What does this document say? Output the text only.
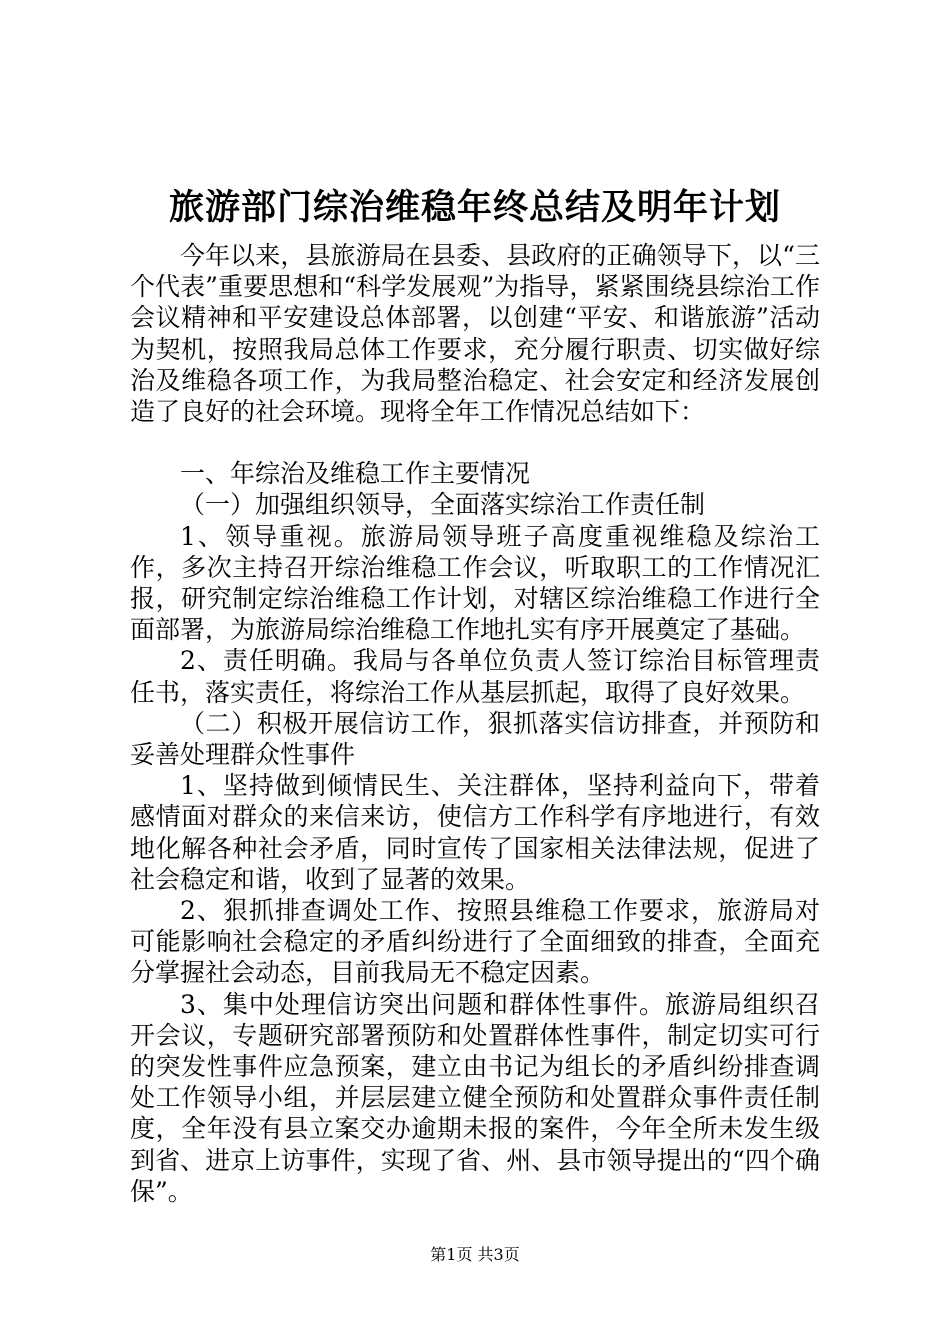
旅游部门综治维稳年终总结及明年计划

今年以来，县旅游局在县委、县政府的正确领导下，以“三个代表”重要思想和“科学发展观”为指导，紧紧围绕县综治工作会议精神和平安建设总体部署，以创建“平安、和谐旅游”活动为契机，按照我局总体工作要求，充分履行职责、切实做好综治及维稳各项工作，为我局整治稳定、社会安定和经济发展创造了良好的社会环境。现将全年工作情况总结如下：

一、年综治及维稳工作主要情况

（一）加强组织领导，全面落实综治工作责任制

1、领导重视。旅游局领导班子高度重视维稳及综治工作，多次主持召开综治维稳工作会议，听取职工的工作情况汇报，研究制定综治维稳工作计划，对辖区综治维稳工作进行全面部署，为旅游局综治维稳工作地扎实有序开展奠定了基础。

2、责任明确。我局与各单位负责人签订综治目标管理责任书，落实责任，将综治工作从基层抓起，取得了良好效果。

（二）积极开展信访工作，狠抓落实信访排查，并预防和妥善处理群众性事件

1、坚持做到倾情民生、关注群体，坚持利益向下，带着感情面对群众的来信来访，使信方工作科学有序地进行，有效地化解各种社会矛盾，同时宣传了国家相关法律法规，促进了社会稳定和谐，收到了显著的效果。

2、狠抓排查调处工作、按照县维稳工作要求，旅游局对可能影响社会稳定的矛盾纠纷进行了全面细致的排查，全面充分掌握社会动态，目前我局无不稳定因素。

3、集中处理信访突出问题和群体性事件。旅游局组织召开会议，专题研究部署预防和处置群体性事件，制定切实可行的突发性事件应急预案，建立由书记为组长的矛盾纠纷排查调处工作领导小组，并层层建立健全预防和处置群众事件责任制度，全年没有县立案交办逾期未报的案件，今年全所未发生级到省、进京上访事件，实现了省、州、县市领导提出的“四个确保”。

第1页 共3页
